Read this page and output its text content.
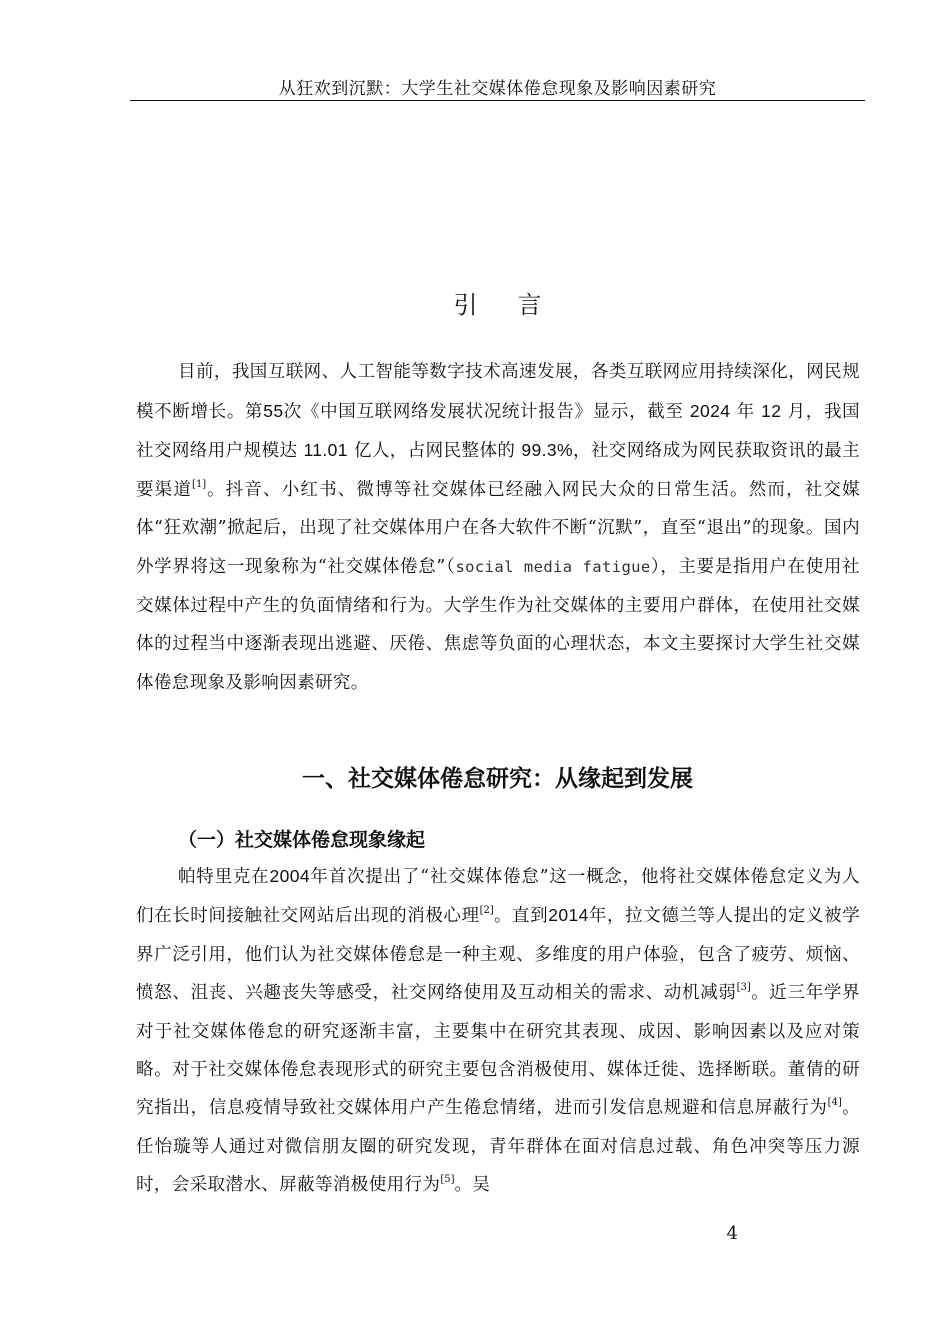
从狂欢到沉默：大学生社交媒体倦怠现象及影响因素研究
引言

目前，我国互联网、人工智能等数字技术高速发展，各类互联网应用持续深化，网民规模不断增长。第55次《中国互联网络发展状况统计报告》显示，截至 2024 年 12 月，我国社交网络用户规模达 11.01 亿人，占网民整体的 99.3%，社交网络成为网民获取资讯的最主要渠道[1]。抖音、小红书、微博等社交媒体已经融入网民大众的日常生活。然而，社交媒体“狂欢潮”掀起后，出现了社交媒体用户在各大软件不断“沉默”，直至“退出”的现象。国内外学界将这一现象称为“社交媒体倦怠”（social media fatigue），主要是指用户在使用社交媒体过程中产生的负面情绪和行为。大学生作为社交媒体的主要用户群体，在使用社交媒体的过程当中逐渐表现出逃避、厌倦、焦虑等负面的心理状态，本文主要探讨大学生社交媒体倦怠现象及影响因素研究。

一、社交媒体倦怠研究：从缘起到发展
（一）社交媒体倦怠现象缘起

帕特里克在2004年首次提出了“社交媒体倦怠”这一概念，他将社交媒体倦怠定义为人们在长时间接触社交网站后出现的消极心理[2]。直到2014年，拉文德兰等人提出的定义被学界广泛引用，他们认为社交媒体倦怠是一种主观、多维度的用户体验，包含了疲劳、烦恼、愤怒、沮丧、兴趣丧失等感受，社交网络使用及互动相关的需求、动机减弱[3]。近三年学界对于社交媒体倦怠的研究逐渐丰富，主要集中在研究其表现、成因、影响因素以及应对策略。对于社交媒体倦怠表现形式的研究主要包含消极使用、媒体迁徙、选择断联。董倩的研究指出，信息疫情导致社交媒体用户产生倦怠情绪，进而引发信息规避和信息屏蔽行为[4]。任怡璇等人通过对微信朋友圈的研究发现，青年群体在面对信息过载、角色冲突等压力源时，会采取潜水、屏蔽等消极使用行为[5]。吴

4
